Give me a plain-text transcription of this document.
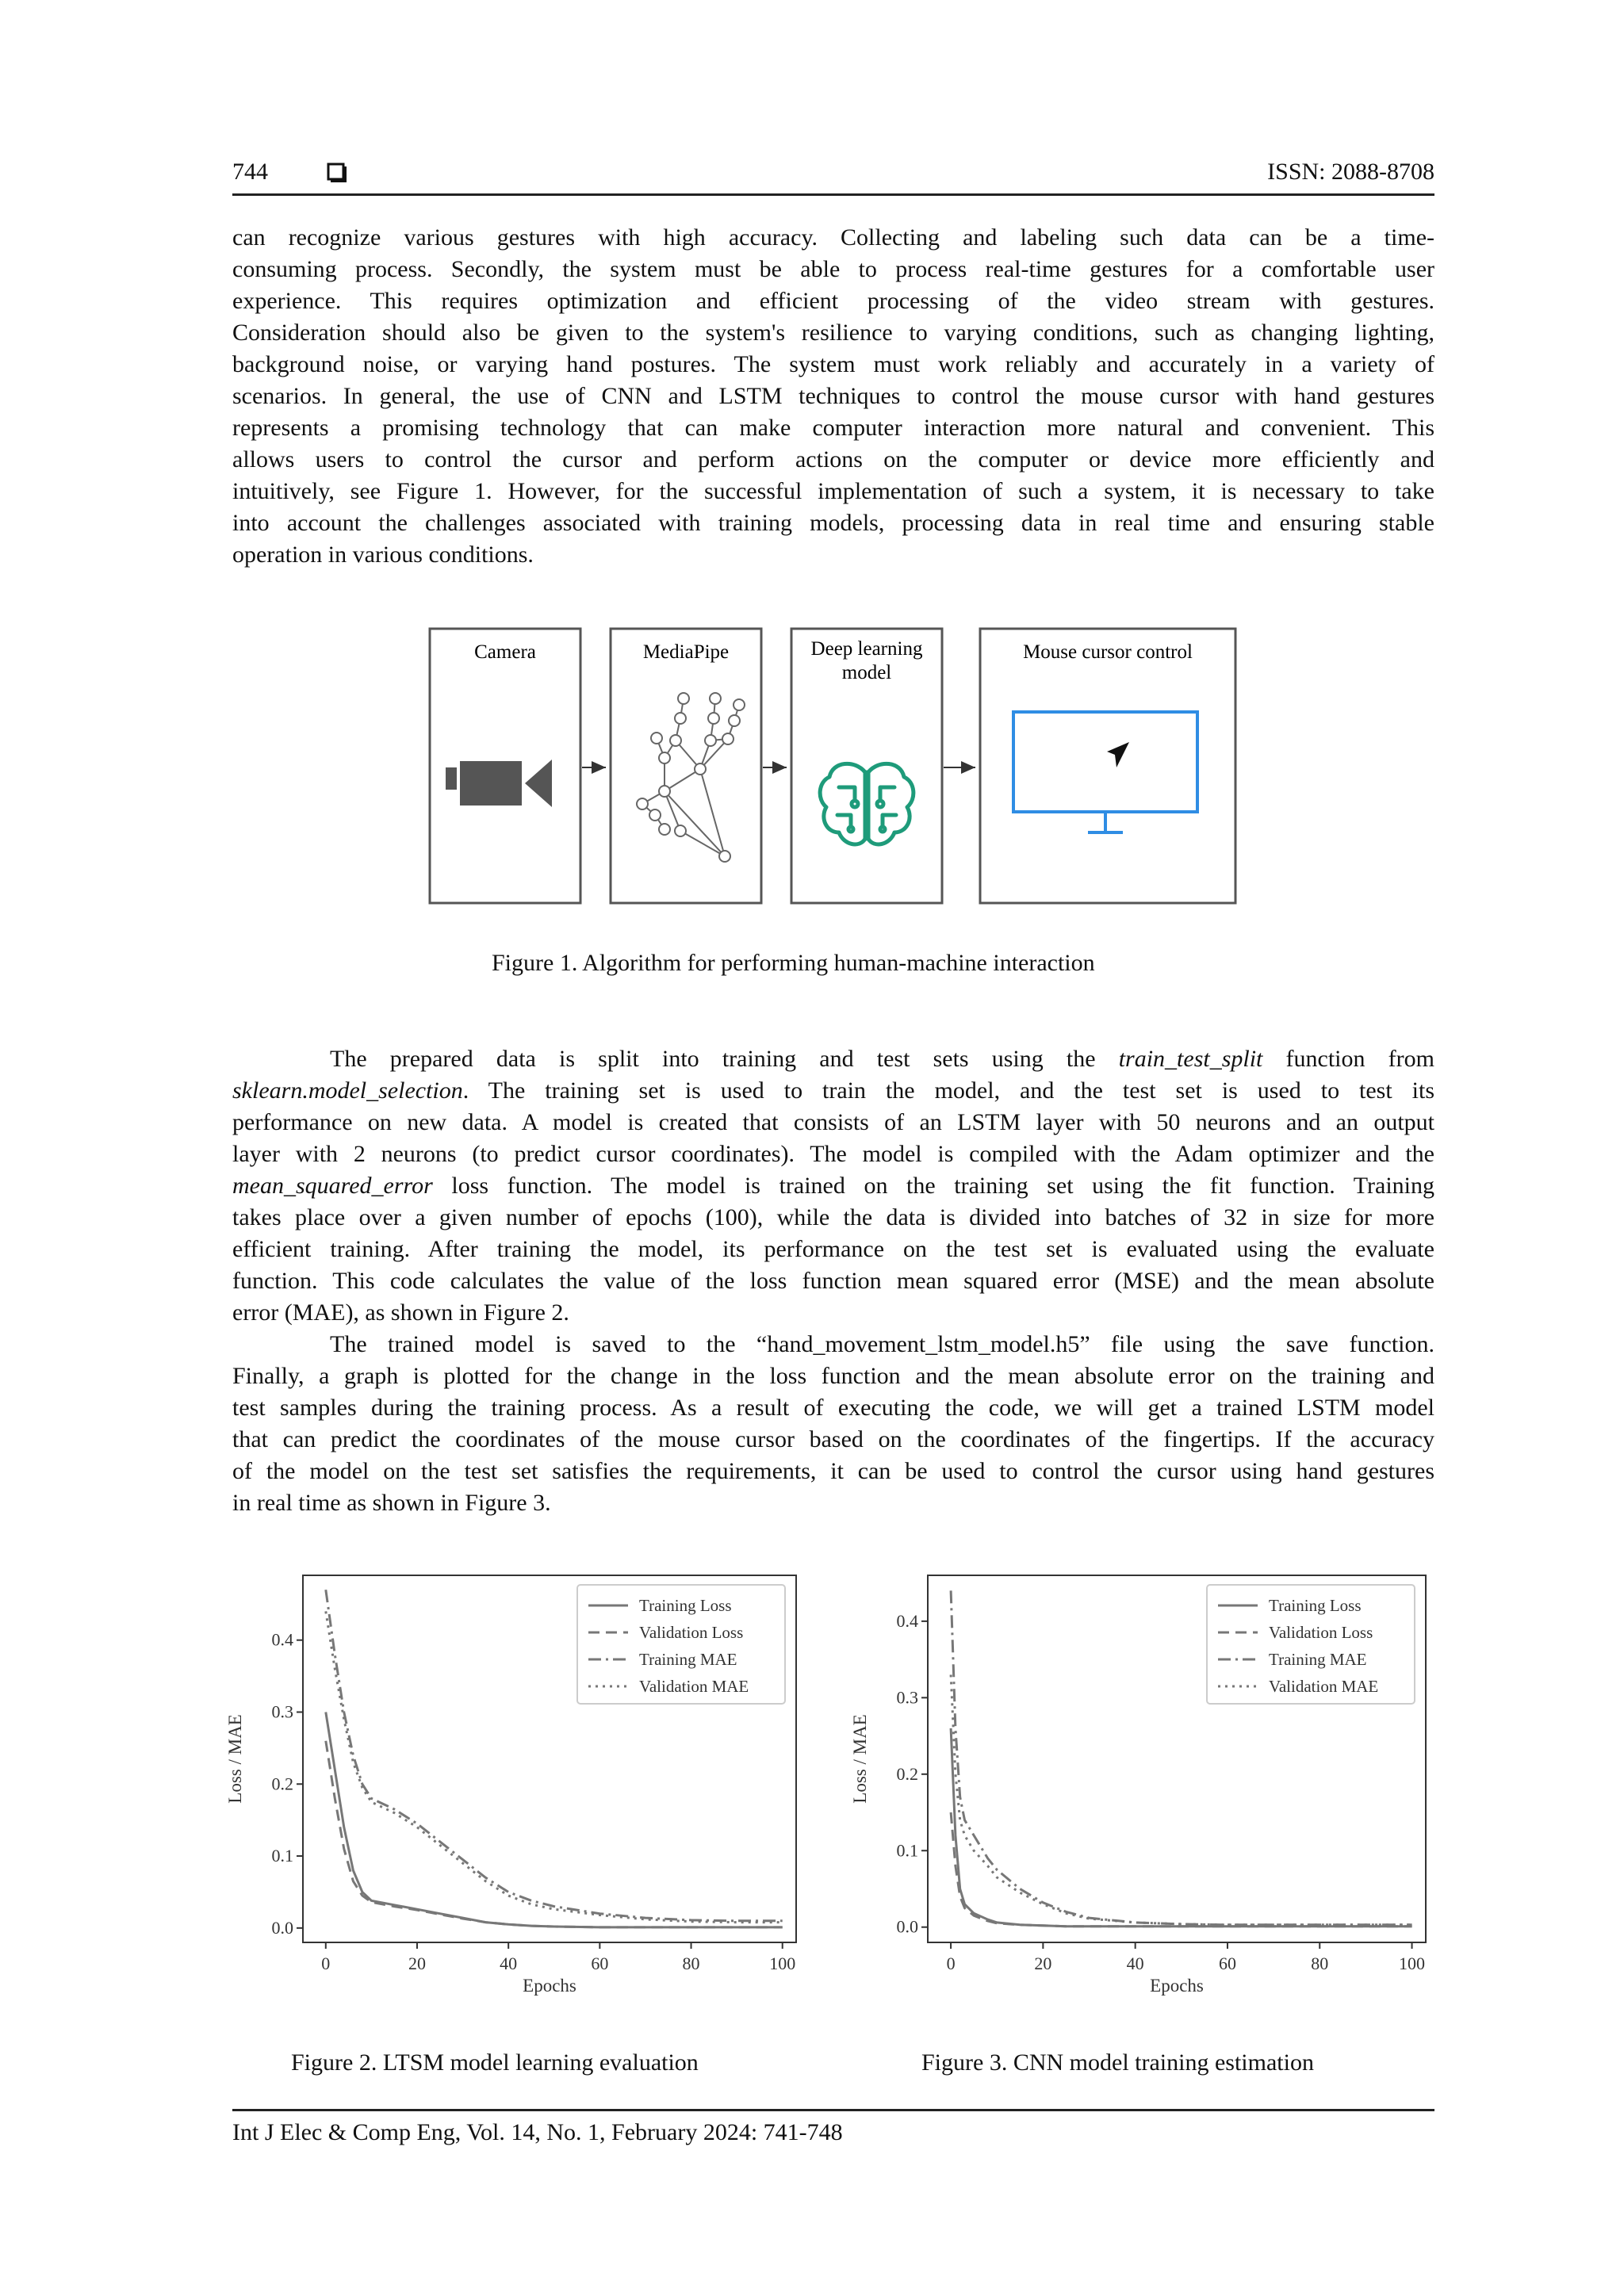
744	ISSN: 2088-8708

can recognize various gestures with high accuracy. Collecting and labeling such data can be a time-
consuming process. Secondly, the system must be able to process real-time gestures for a comfortable user
experience. This requires optimization and efficient processing of the video stream with gestures.
Consideration should also be given to the system's resilience to varying conditions, such as changing lighting,
background noise, or varying hand postures. The system must work reliably and accurately in a variety of
scenarios. In general, the use of CNN and LSTM techniques to control the mouse cursor with hand gestures
represents a promising technology that can make computer interaction more natural and convenient. This
allows users to control the cursor and perform actions on the computer or device more efficiently and
intuitively, see Figure 1. However, for the successful implementation of such a system, it is necessary to take
into account the challenges associated with training models, processing data in real time and ensuring stable
operation in various conditions.

Camera	MediaPipe	Deep learning
model
Mouse cursor control
Figure 1. Algorithm for performing human-machine interaction

The prepared data is split into training and test sets using the train_test_split function from
sklearn.model_selection. The training set is used to train the model, and the test set is used to test its
performance on new data. A model is created that consists of an LSTM layer with 50 neurons and an output
layer with 2 neurons (to predict cursor coordinates). The model is compiled with the Adam optimizer and the
mean_squared_error loss function. The model is trained on the training set using the fit function. Training
takes place over a given number of epochs (100), while the data is divided into batches of 32 in size for more
efficient training. After training the model, its performance on the test set is evaluated using the evaluate
function. This code calculates the value of the loss function mean squared error (MSE) and the mean absolute
error (MAE), as shown in Figure 2.

The trained model is saved to the “hand_movement_lstm_model.h5” file using the save function.
Finally, a graph is plotted for the change in the loss function and the mean absolute error on the training and
test samples during the training process. As a result of executing the code, we will get a trained LSTM model
that can predict the coordinates of the mouse cursor based on the coordinates of the fingertips. If the accuracy
of the model on the test set satisfies the requirements, it can be used to control the cursor using hand gestures
in real time as shown in Figure 3.

0	20	40	60	80	100
0.0
0.1
0.2
0.3
0.4
Epochs
Loss / MAE
Training Loss
Validation Loss
Training MAE
Validation MAE
Figure 2. LTSM model learning evaluation
0	20	40	60	80	100
0.0
0.1
0.2
0.3
0.4
Epochs
Loss / MAE
Training Loss
Validation Loss
Training MAE
Validation MAE
Figure 3. CNN model training estimation
Int J Elec & Comp Eng, Vol. 14, No. 1, February 2024: 741-748
